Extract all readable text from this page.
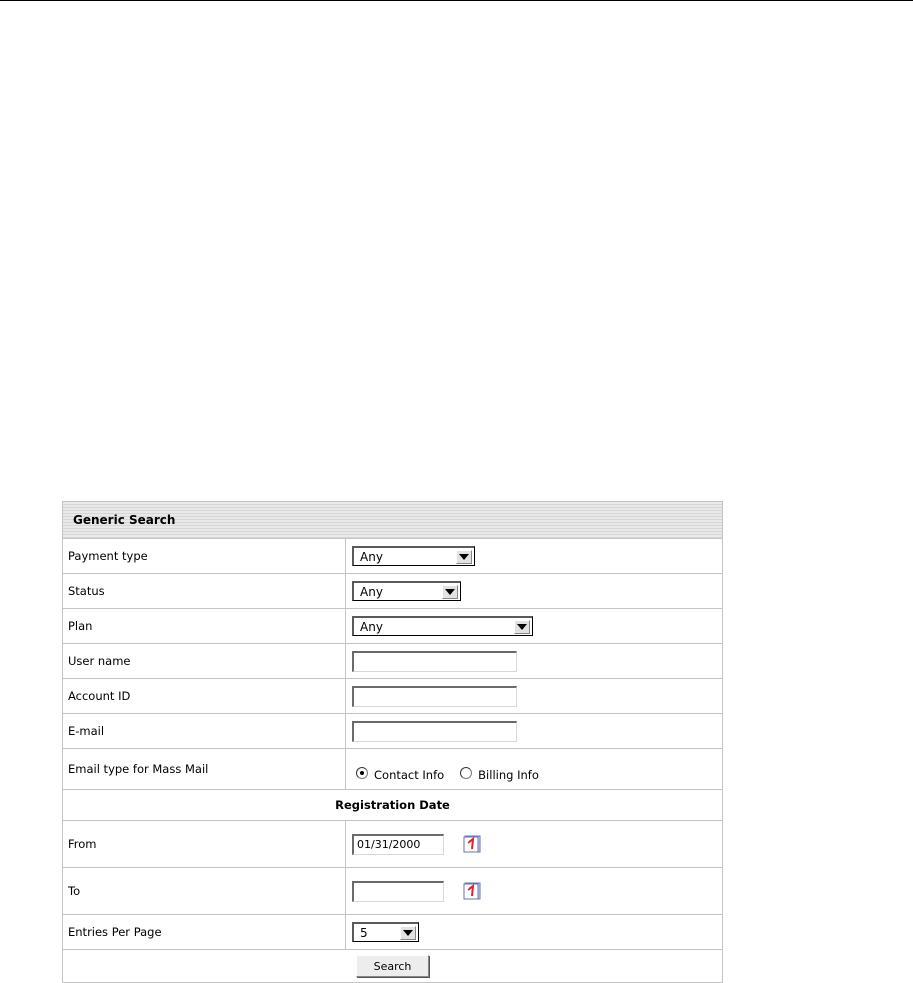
Generic Search
Payment type	Any
Status	Any
Plan	Any
User name
Account ID
E-mail
Email type for Mass Mail	Contact Info	Billing Info
Registration Date
From	01/31/2000
To
Entries Per Page	5
Search
